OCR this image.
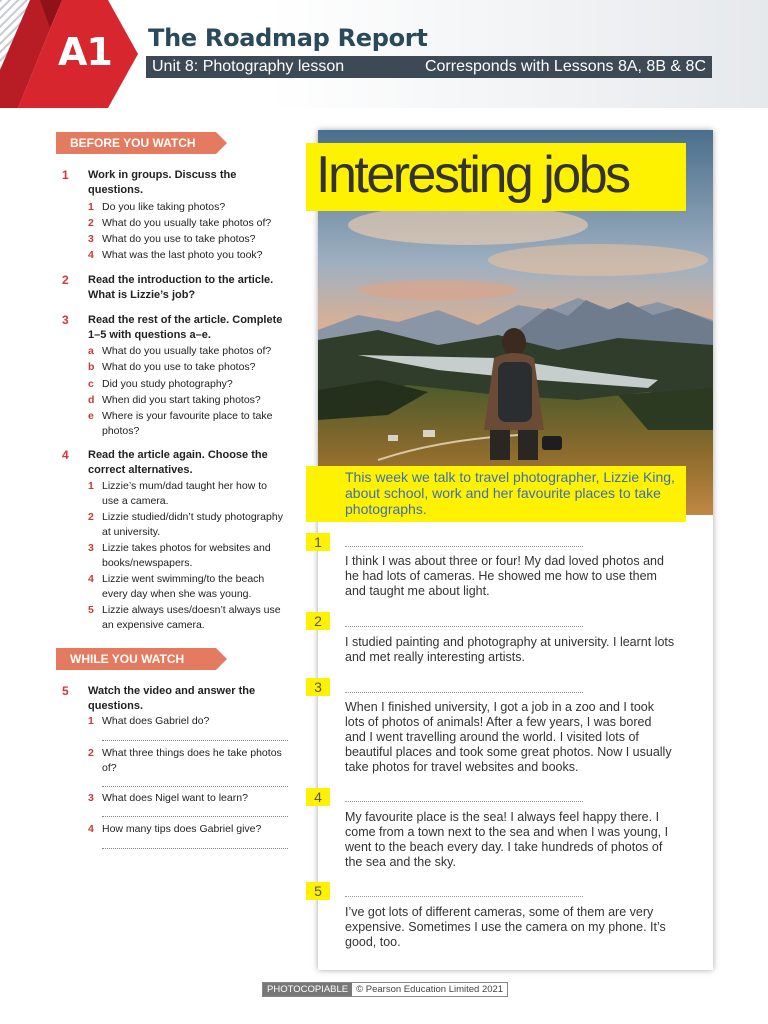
A1 The Roadmap Report
Unit 8: Photography lesson	Corresponds with Lessons 8A, 8B & 8C
BEFORE YOU WATCH
1 Work in groups. Discuss the questions.
1 Do you like taking photos?
2 What do you usually take photos of?
3 What do you use to take photos?
4 What was the last photo you took?
2 Read the introduction to the article. What is Lizzie’s job?
3 Read the rest of the article. Complete 1–5 with questions a–e.
a What do you usually take photos of?
b What do you use to take photos?
c Did you study photography?
d When did you start taking photos?
e Where is your favourite place to take photos?
4 Read the article again. Choose the correct alternatives.
1 Lizzie’s mum/dad taught her how to use a camera.
2 Lizzie studied/didn’t study photography at university.
3 Lizzie takes photos for websites and books/newspapers.
4 Lizzie went swimming/to the beach every day when she was young.
5 Lizzie always uses/doesn’t always use an expensive camera.
WHILE YOU WATCH
5 Watch the video and answer the questions.
1 What does Gabriel do?
2 What three things does he take photos of?
3 What does Nigel want to learn?
4 How many tips does Gabriel give?
Interesting jobs
This week we talk to travel photographer, Lizzie King, about school, work and her favourite places to take photographs.
1
I think I was about three or four! My dad loved photos and he had lots of cameras. He showed me how to use them and taught me about light.
2
I studied painting and photography at university. I learnt lots and met really interesting artists.
3
When I finished university, I got a job in a zoo and I took lots of photos of animals! After a few years, I was bored and I went travelling around the world. I visited lots of beautiful places and took some great photos. Now I usually take photos for travel websites and books.
4
My favourite place is the sea! I always feel happy there. I come from a town next to the sea and when I was young, I went to the beach every day. I take hundreds of photos of the sea and the sky.
5
I’ve got lots of different cameras, some of them are very expensive. Sometimes I use the camera on my phone. It’s good, too.
PHOTOCOPIABLE © Pearson Education Limited 2021
